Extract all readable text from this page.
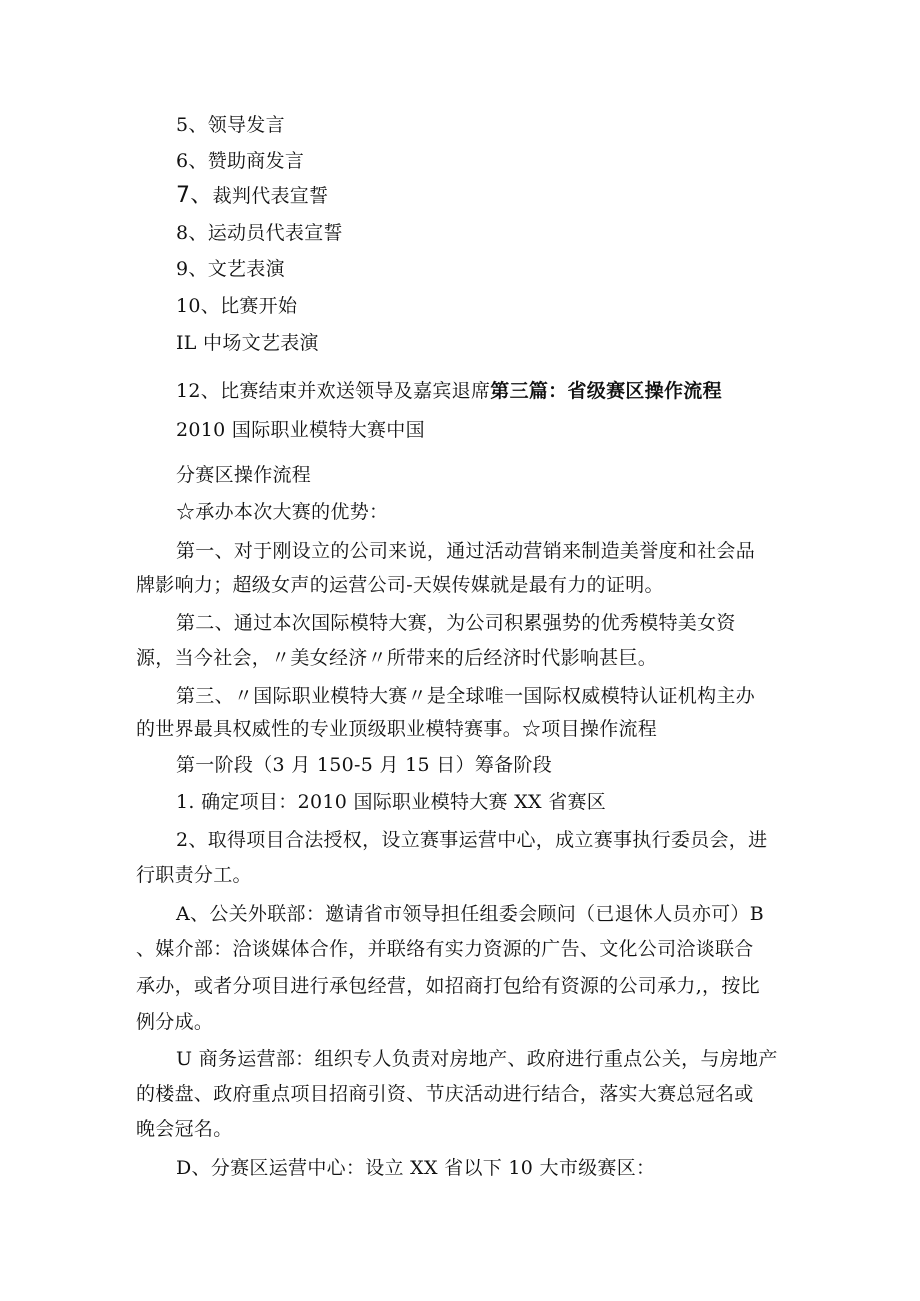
5、领导发言
6、赞助商发言
7、裁判代表宣誓
8、运动员代表宣誓
9、文艺表演
10、比赛开始
IL 中场文艺表演
12、比赛结束并欢送领导及嘉宾退席第三篇：省级赛区操作流程
2010 国际职业模特大赛中国
分赛区操作流程
☆承办本次大赛的优势：
第一、对于刚设立的公司来说，通过活动营销来制造美誉度和社会品
牌影响力；超级女声的运营公司-天娱传媒就是最有力的证明。
第二、通过本次国际模特大赛，为公司积累强势的优秀模特美女资
源，当今社会，〃美女经济〃所带来的后经济时代影响甚巨。
第三、〃国际职业模特大赛〃是全球唯一国际权威模特认证机构主办
的世界最具权威性的专业顶级职业模特赛事。☆项目操作流程
第一阶段（3 月 150-5 月 15 日）筹备阶段
1. 确定项目：2010 国际职业模特大赛 XX 省赛区
2、取得项目合法授权，设立赛事运营中心，成立赛事执行委员会，进
行职责分工。
A、公关外联部：邀请省市领导担任组委会顾问（已退休人员亦可）B
、媒介部：洽谈媒体合作，并联络有实力资源的广告、文化公司洽谈联合
承办，或者分项目进行承包经营，如招商打包给有资源的公司承力,，按比
例分成。
U 商务运营部：组织专人负责对房地产、政府进行重点公关，与房地产
的楼盘、政府重点项目招商引资、节庆活动进行结合，落实大赛总冠名或
晚会冠名。
D、分赛区运营中心：设立 XX 省以下 10 大市级赛区：
